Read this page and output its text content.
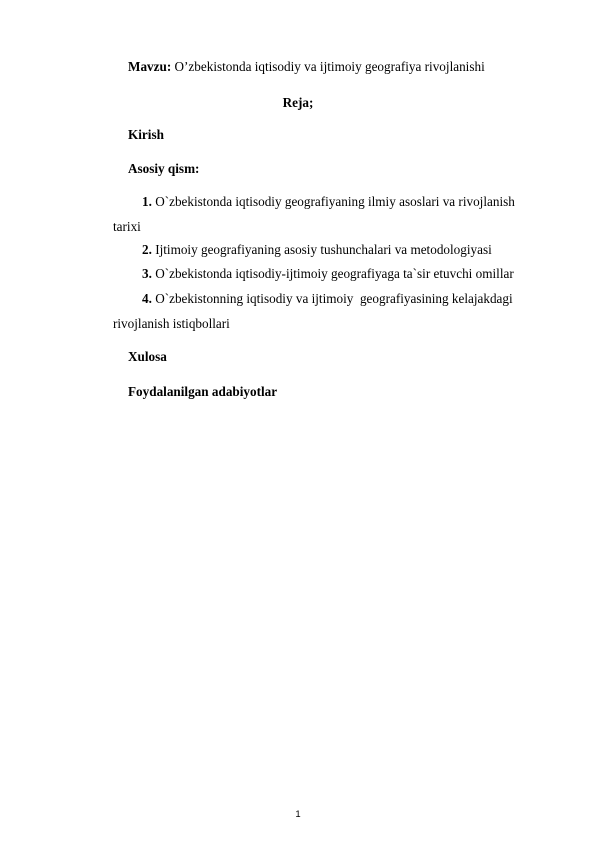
Mavzu: O’zbekistonda iqtisodiy va ijtimoiy geografiya rivojlanishi
Reja;
Kirish
Asosiy qism:
1. O`zbekistonda iqtisodiy geografiyaning ilmiy asoslari va rivojlanish
tarixi
2. Ijtimoiy geografiyaning asosiy tushunchalari va metodologiyasi
3. O`zbekistonda iqtisodiy-ijtimoiy geografiyaga ta`sir etuvchi omillar
4. O`zbekistonning iqtisodiy va ijtimoiy  geografiyasining kelajakdagi
rivojlanish istiqbollari
Xulosa
Foydalanilgan adabiyotlar
1
